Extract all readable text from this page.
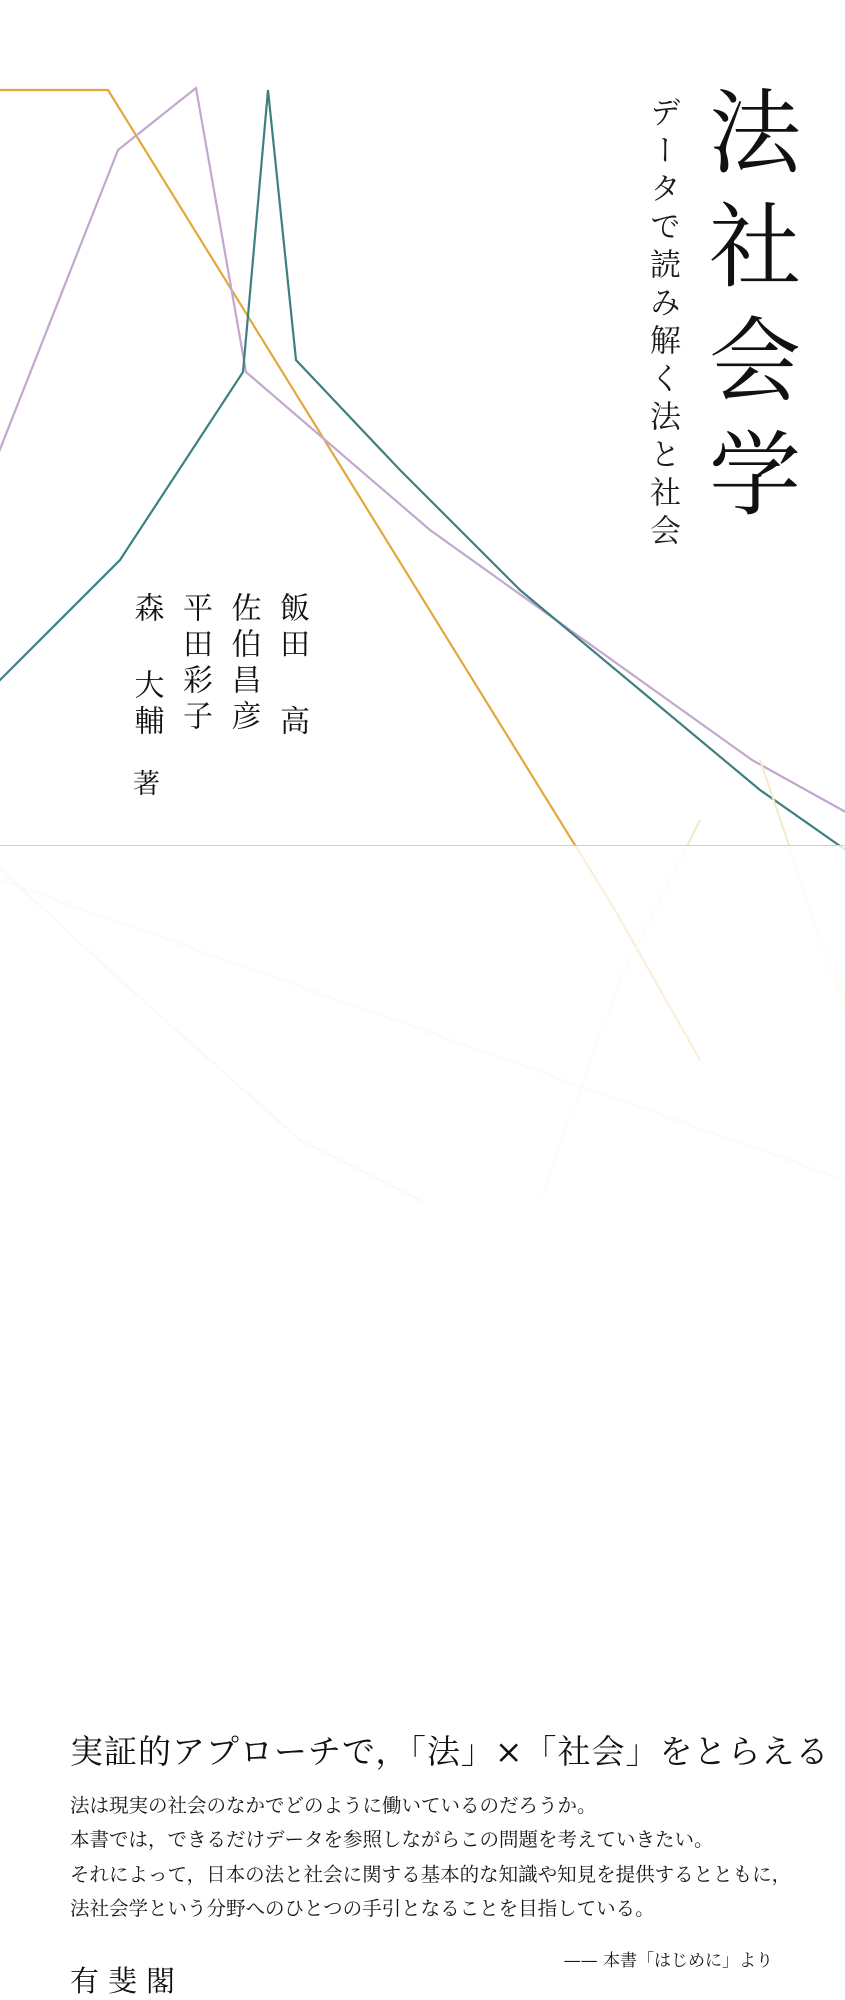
法社会学
データで読み解く法と社会
森 大輔 平田彩子 佐伯昌彦 飯田 高
著
実証的アプローチで，「法」×「社会」をとらえる
法は現実の社会のなかでどのように働いているのだろうか。
本書では，できるだけデータを参照しながらこの問題を考えていきたい。
それによって，日本の法と社会に関する基本的な知識や知見を提供するとともに，
法社会学という分野へのひとつの手引となることを目指している。
—— 本書「はじめに」より
有斐閣
